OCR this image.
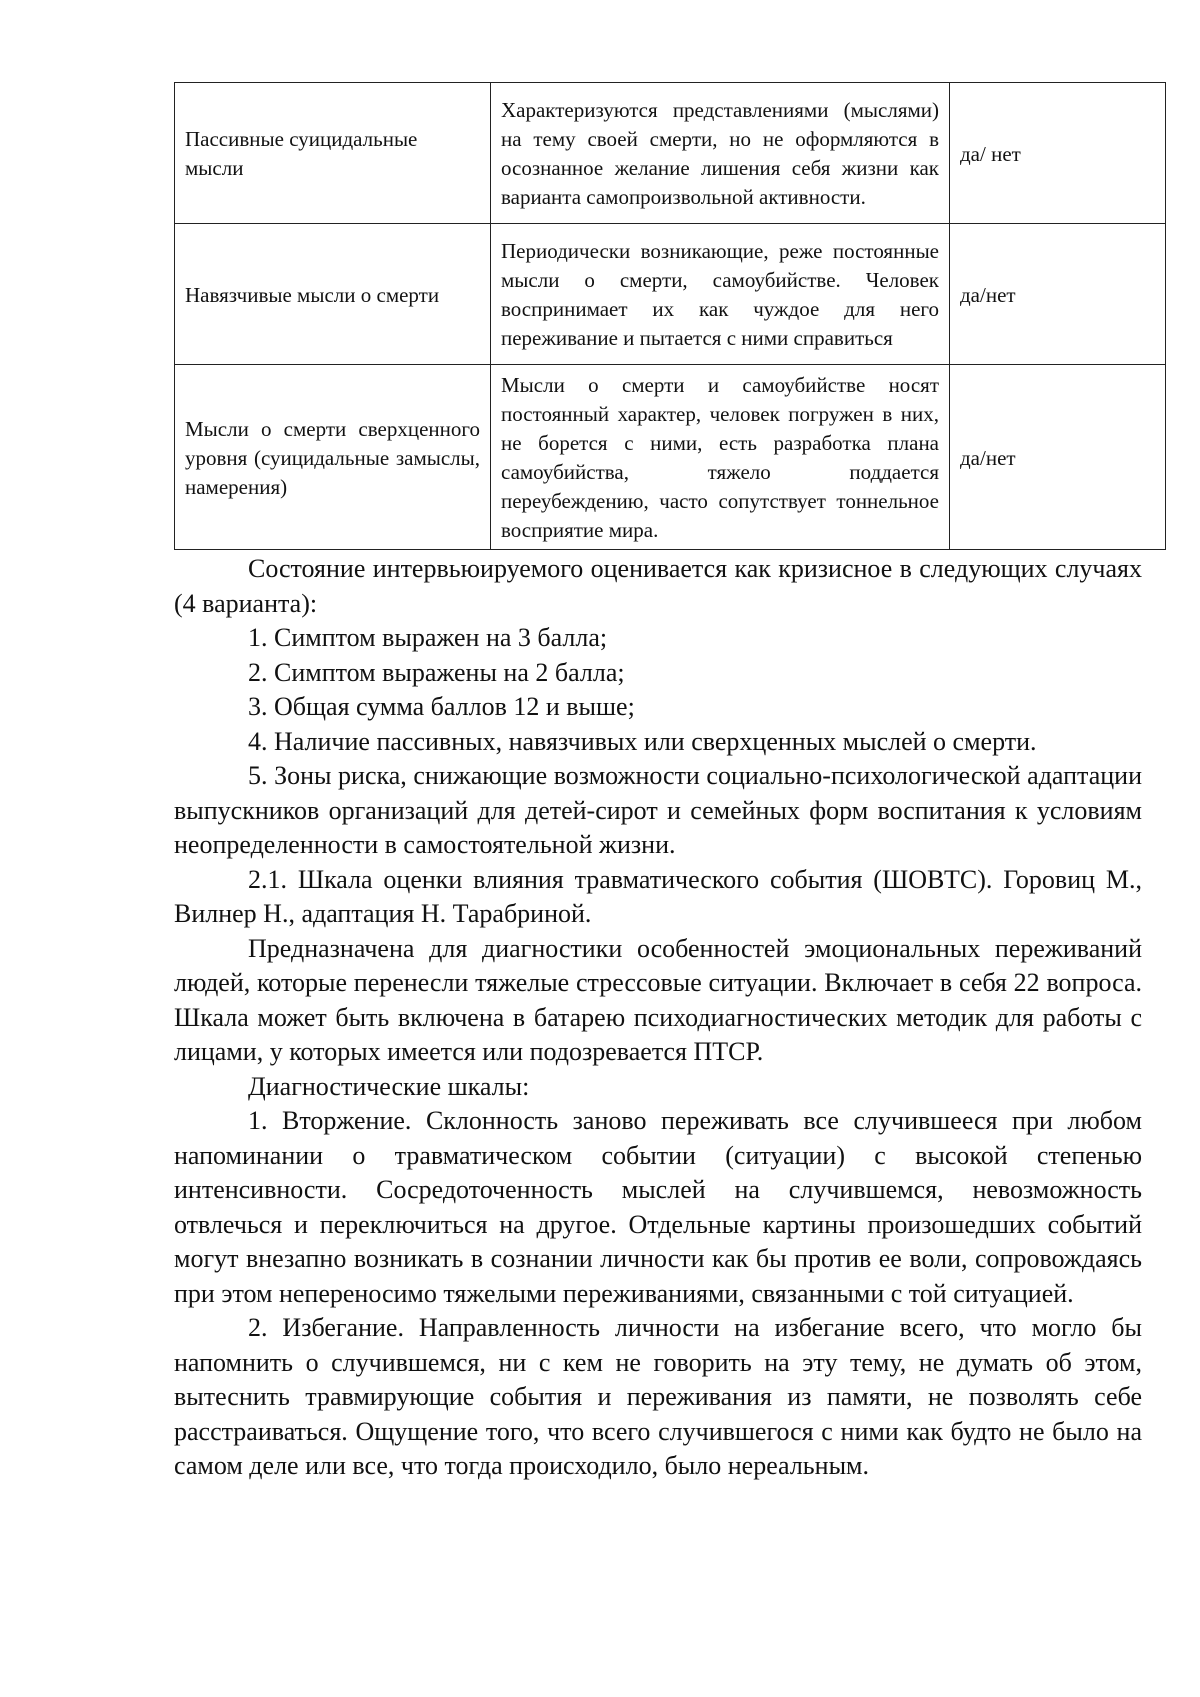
Пассивные суицидальные мысли	Характеризуются представлениями (мыслями) на тему своей смерти, но не оформляются в осознанное желание лишения себя жизни как варианта самопроизвольной активности.	да/ нет
Навязчивые мысли о смерти	Периодически возникающие, реже постоянные мысли о смерти, самоубийстве. Человек воспринимает их как чуждое для него переживание и пытается с ними справиться	да/нет
Мысли о смерти сверхценного уровня (суицидальные замыслы, намерения)	Мысли о смерти и самоубийстве носят постоянный характер, человек погружен в них, не борется с ними, есть разработка плана самоубийства, тяжело поддается переубеждению, часто сопутствует тоннельное восприятие мира.	да/нет

Состояние интервьюируемого оценивается как кризисное в следующих случаях (4 варианта):

1. Симптом выражен на 3 балла;

2. Симптом выражены на 2 балла;

3. Общая сумма баллов 12 и выше;

4. Наличие пассивных, навязчивых или сверхценных мыслей о смерти.

5. Зоны риска, снижающие возможности социально-психологической адаптации выпускников организаций для детей-сирот и семейных форм воспитания к условиям неопределенности в самостоятельной жизни.

2.1. Шкала оценки влияния травматического события (ШОВТС). Горовиц М., Вилнер Н., адаптация Н. Тарабриной.

Предназначена для диагностики особенностей эмоциональных переживаний людей, которые перенесли тяжелые стрессовые ситуации. Включает в себя 22 вопроса. Шкала может быть включена в батарею психодиагностических методик для работы с лицами, у которых имеется или подозревается ПТСР.

Диагностические шкалы:

1. Вторжение. Склонность заново переживать все случившееся при любом напоминании о травматическом событии (ситуации) с высокой степенью интенсивности. Сосредоточенность мыслей на случившемся, невозможность отвлечься и переключиться на другое. Отдельные картины произошедших событий могут внезапно возникать в сознании личности как бы против ее воли, сопровождаясь при этом непереносимо тяжелыми переживаниями, связанными с той ситуацией.

2. Избегание. Направленность личности на избегание всего, что могло бы напомнить о случившемся, ни с кем не говорить на эту тему, не думать об этом, вытеснить травмирующие события и переживания из памяти, не позволять себе расстраиваться. Ощущение того, что всего случившегося с ними как будто не было на самом деле или все, что тогда происходило, было нереальным.
